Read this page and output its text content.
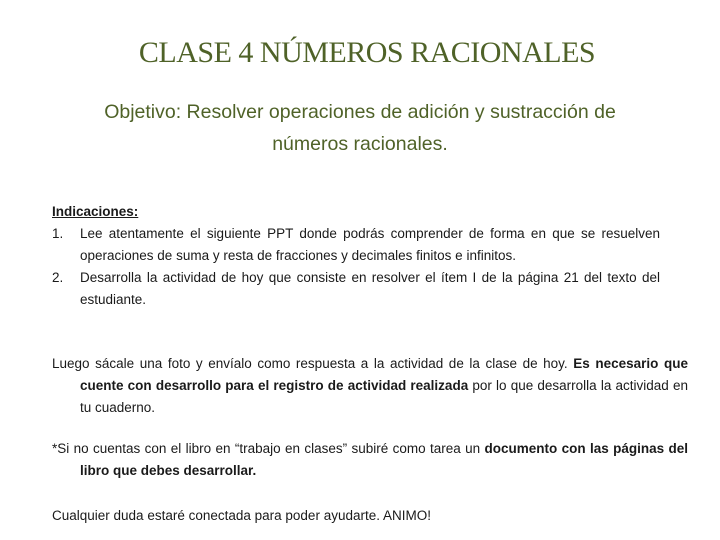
CLASE 4 NÚMEROS RACIONALES
Objetivo: Resolver operaciones de adición y sustracción de números racionales.
Indicaciones:
1.	Lee atentamente el siguiente PPT donde podrás comprender de forma en que se resuelven operaciones de suma y resta de fracciones y decimales finitos e infinitos.
2.	Desarrolla la actividad de hoy que consiste en resolver el ítem I de la página 21 del texto del estudiante.
Luego sácale una foto y envíalo como respuesta a la actividad de la clase de hoy. Es necesario que cuente con desarrollo para el registro de actividad realizada por lo que desarrolla la actividad en tu cuaderno.
*Si no cuentas con el libro en “trabajo en clases” subiré como tarea un documento con las páginas del libro que debes desarrollar.
Cualquier duda estaré conectada para poder ayudarte. ANIMO!
